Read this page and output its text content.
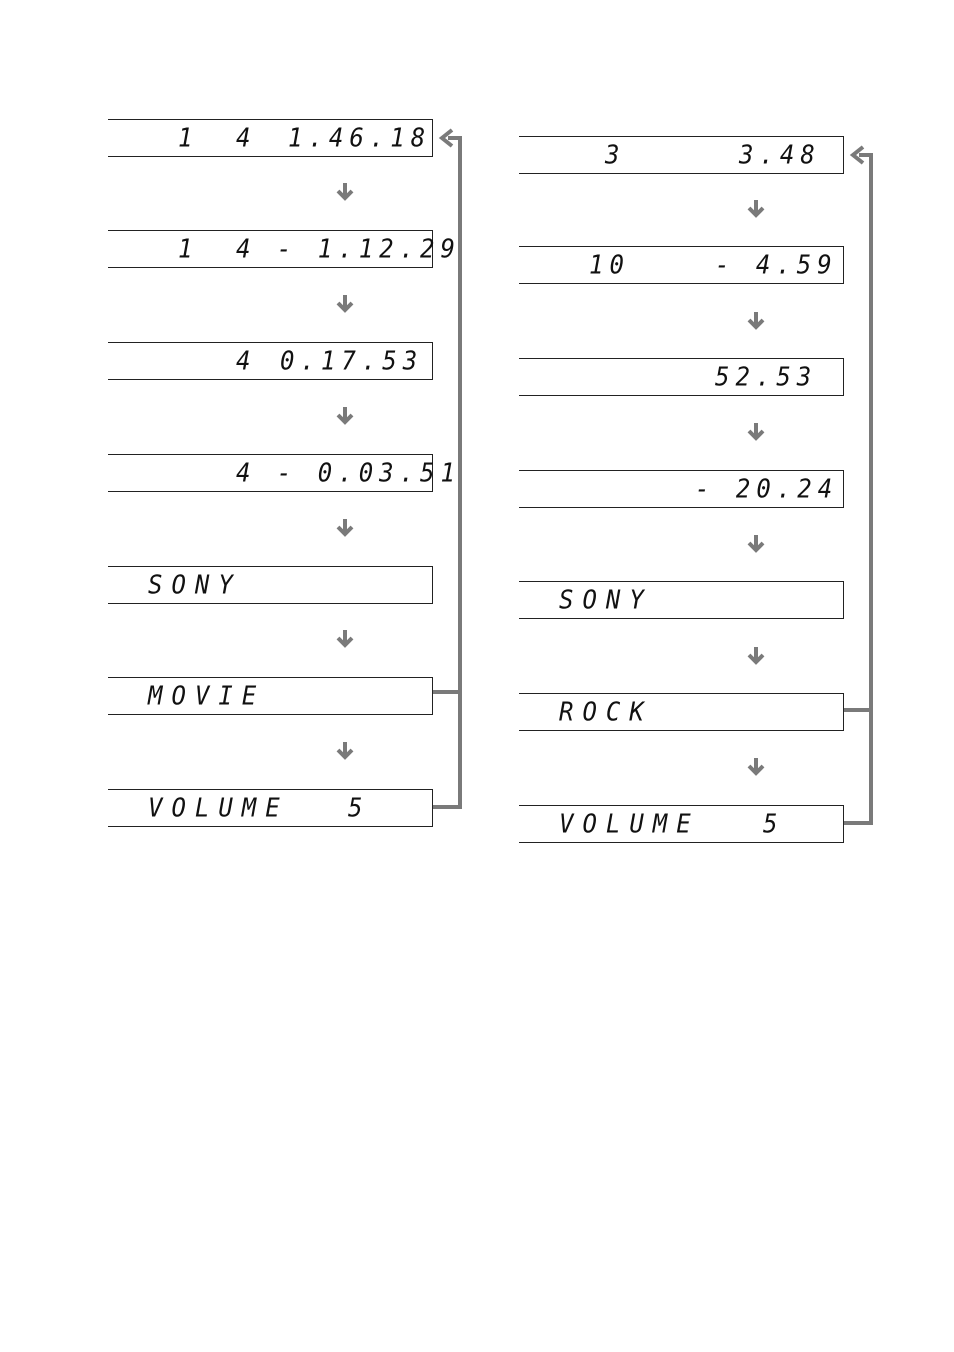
1 4 1.46.18
1 4 - 1.12.29
4 0.17.53
4 - 0.03.51
SONY
MOVIE
VOLUME 5
3	3.48
10	- 4.59
52.53
- 20.24
SONY
ROCK
VOLUME	5
